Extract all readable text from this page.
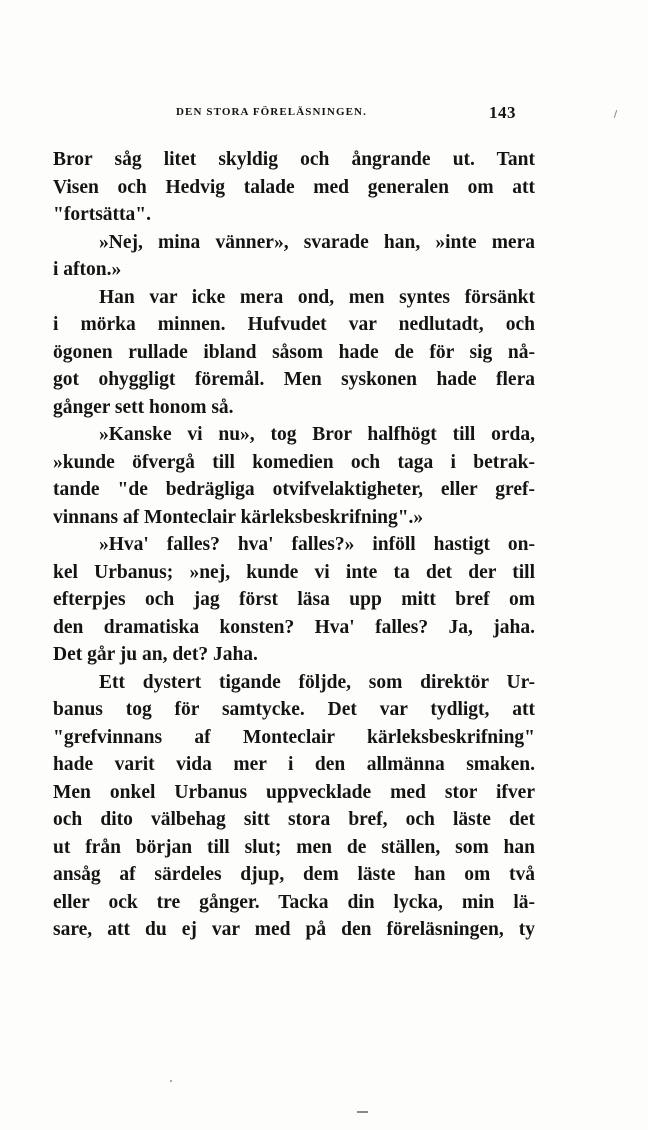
DEN STORA FÖRELÄSNINGEN.	143
Bror såg litet skyldig och ångrande ut. Tant
Visen och Hedvig talade med generalen om att
"fortsätta".
»Nej, mina vänner», svarade han, »inte mera
i afton.»
Han var icke mera ond, men syntes försänkt
i mörka minnen. Hufvudet var nedlutadt, och
ögonen rullade ibland såsom hade de för sig nå-
got ohyggligt föremål. Men syskonen hade flera
gånger sett honom så.
»Kanske vi nu», tog Bror halfhögt till orda,
»kunde öfvergå till komedien och taga i betrak-
tande "de bedrägliga otvifvelaktigheter, eller gref-
vinnans af Monteclair kärleksbeskrifning".»
»Hva' falles? hva' falles?» inföll hastigt on-
kel Urbanus; »nej, kunde vi inte ta det der till
efterpjes och jag först läsa upp mitt bref om
den dramatiska konsten? Hva' falles? Ja, jaha.
Det går ju an, det? Jaha.
Ett dystert tigande följde, som direktör Ur-
banus tog för samtycke. Det var tydligt, att
"grefvinnans af Monteclair kärleksbeskrifning"
hade varit vida mer i den allmänna smaken.
Men onkel Urbanus uppvecklade med stor ifver
och dito välbehag sitt stora bref, och läste det
ut från början till slut; men de ställen, som han
ansåg af särdeles djup, dem läste han om två
eller ock tre gånger. Tacka din lycka, min lä-
sare, att du ej var med på den föreläsningen, ty
